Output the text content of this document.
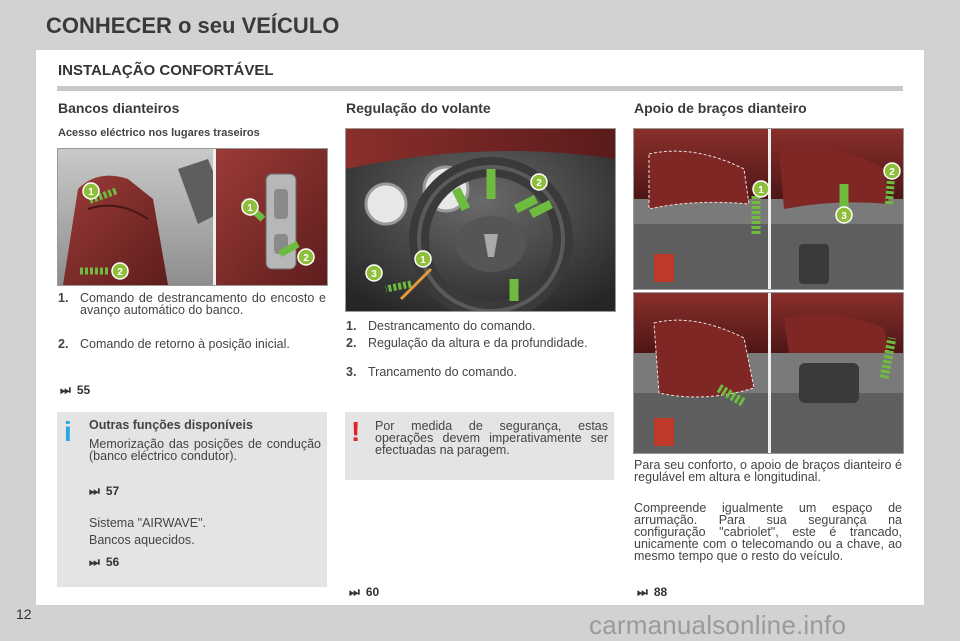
CONHECER o seu VEÍCULO
INSTALAÇÃO CONFORTÁVEL
Bancos dianteiros
Acesso eléctrico nos lugares traseiros
1
2
1
2
1. Comando de destrancamento do encosto e avanço automático do banco.
2. Comando de retorno à posição inicial.
⏭ 55
i Outras funções disponíveis
Memorização das posições de condução (banco eléctrico condutor).
⏭ 57
Sistema "AIRWAVE".
Bancos aquecidos.
⏭ 56
Regulação do volante
1
2
3
1. Destrancamento do comando.
2. Regulação da altura e da profundidade.
3. Trancamento do comando.
! Por medida de segurança, estas operações devem imperativamente ser efectuadas na paragem.
⏭ 60
Apoio de braços dianteiro
1
2
3
Para seu conforto, o apoio de braços dianteiro é regulável em altura e longitudinal.
Compreende igualmente um espaço de arrumação. Para sua segurança na configuração "cabriolet", este é trancado, unicamente com o telecomando ou a chave, ao mesmo tempo que o resto do veículo.
⏭ 88
12	carmanualsonline.info
